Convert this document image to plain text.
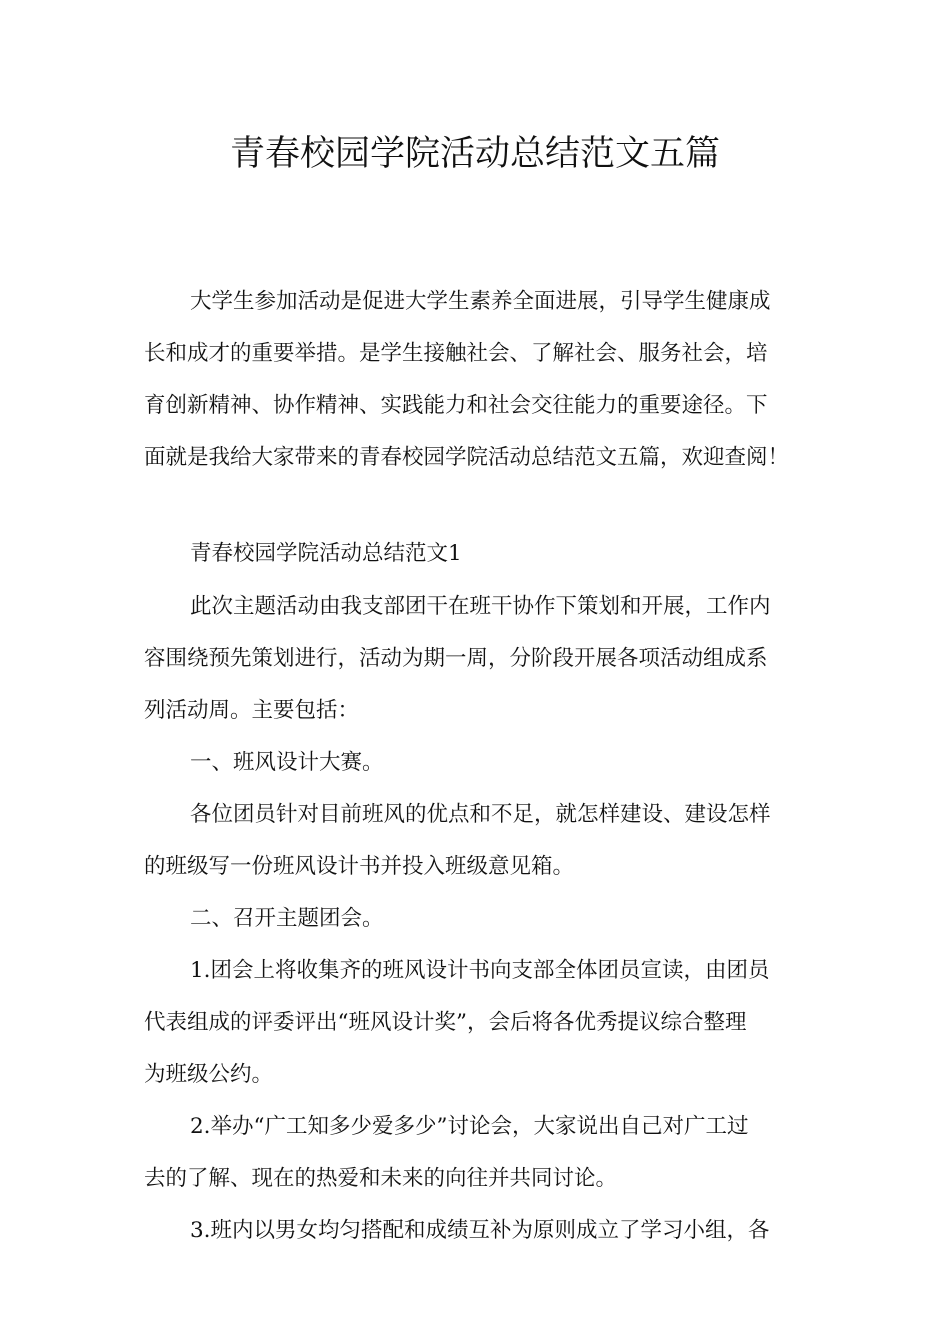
青春校园学院活动总结范文五篇
大学生参加活动是促进大学生素养全面进展，引导学生健康成
长和成才的重要举措。是学生接触社会、了解社会、服务社会，培
育创新精神、协作精神、实践能力和社会交往能力的重要途径。下
面就是我给大家带来的青春校园学院活动总结范文五篇，欢迎查阅！
青春校园学院活动总结范文1
此次主题活动由我支部团干在班干协作下策划和开展，工作内
容围绕预先策划进行，活动为期一周，分阶段开展各项活动组成系
列活动周。主要包括：
一、班风设计大赛。
各位团员针对目前班风的优点和不足，就怎样建设、建设怎样
的班级写一份班风设计书并投入班级意见箱。
二、召开主题团会。
1.团会上将收集齐的班风设计书向支部全体团员宣读，由团员
代表组成的评委评出“班风设计奖”，会后将各优秀提议综合整理
为班级公约。
2.举办“广工知多少爱多少”讨论会，大家说出自己对广工过
去的了解、现在的热爱和未来的向往并共同讨论。
3.班内以男女均匀搭配和成绩互补为原则成立了学习小组，各
